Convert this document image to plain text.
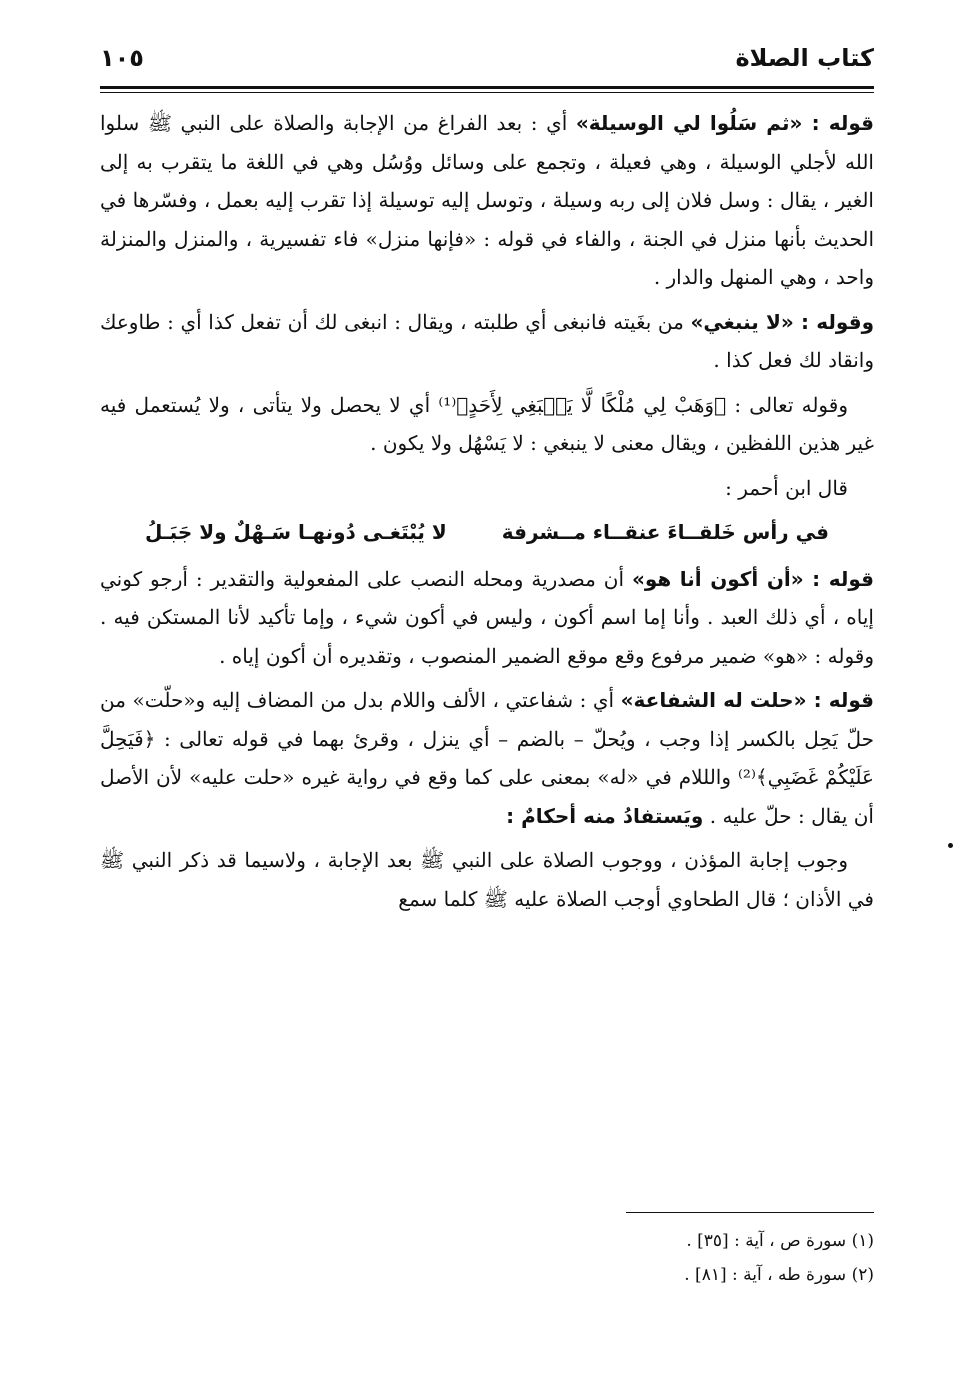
كتاب الصلاة
١٠٥

قوله : «ثم سَلُوا لي الوسيلة» أي : بعد الفراغ من الإجابة والصلاة على النبي ﷺ سلوا الله لأجلي الوسيلة ، وهي فعيلة ، وتجمع على وسائل ووُسُل وهي في اللغة ما يتقرب به إلى الغير ، يقال : وسل فلان إلى ربه وسيلة ، وتوسل إليه توسيلة إذا تقرب إليه بعمل ، وفسّرها في الحديث بأنها منزل في الجنة ، والفاء في قوله : «فإنها منزل» فاء تفسيرية ، والمنزل والمنزلة واحد ، وهي المنهل والدار .

وقوله : «لا ينبغي» من بغَيته فانبغى أي طلبته ، ويقال : انبغى لك أن تفعل كذا أي : طاوعك وانقاد لك فعل كذا .

وقوله تعالى : ﴿وَهَبْ لِي مُلْكًا لَّا يَنۢبَغِي لِأَحَدٍ﴾⁽¹⁾ أي لا يحصل ولا يتأتى ، ولا يُستعمل فيه غير هذين اللفظين ، ويقال معنى لا ينبغي : لا يَسْهُل ولا يكون .

قال ابن أحمر :

في رأس خَلقــاءَ عنقــاء مــشرفة لا يُبْتَغـى دُونهـا سَـهْلٌ ولا جَبَـلُ

قوله : «أن أكون أنا هو» أن مصدرية ومحله النصب على المفعولية والتقدير : أرجو كوني إياه ، أي ذلك العبد . وأنا إما اسم أكون ، وليس في أكون شيء ، وإما تأكيد لأنا المستكن فيه . وقوله : «هو» ضمير مرفوع وقع موقع الضمير المنصوب ، وتقديره أن أكون إياه .

قوله : «حلت له الشفاعة» أي : شفاعتي ، الألف واللام بدل من المضاف إليه و«حلّت» من حلّ يَحِل بالكسر إذا وجب ، ويُحلّ – بالضم – أي ينزل ، وقرئ بهما في قوله تعالى : ﴿فَيَحِلَّ عَلَيْكُمْ غَضَبِي﴾⁽²⁾ والللام في «له» بمعنى على كما وقع في رواية غيره «حلت عليه» لأن الأصل أن يقال : حلّ عليه . ويَستفادُ منه أحكامٌ :

وجوب إجابة المؤذن ، ووجوب الصلاة على النبي ﷺ بعد الإجابة ، ولاسيما قد ذكر النبي ﷺ في الأذان ؛ قال الطحاوي أوجب الصلاة عليه ﷺ كلما سمع

(١) سورة ص ، آية : [٣٥] .

(٢) سورة طه ، آية : [٨١] .
